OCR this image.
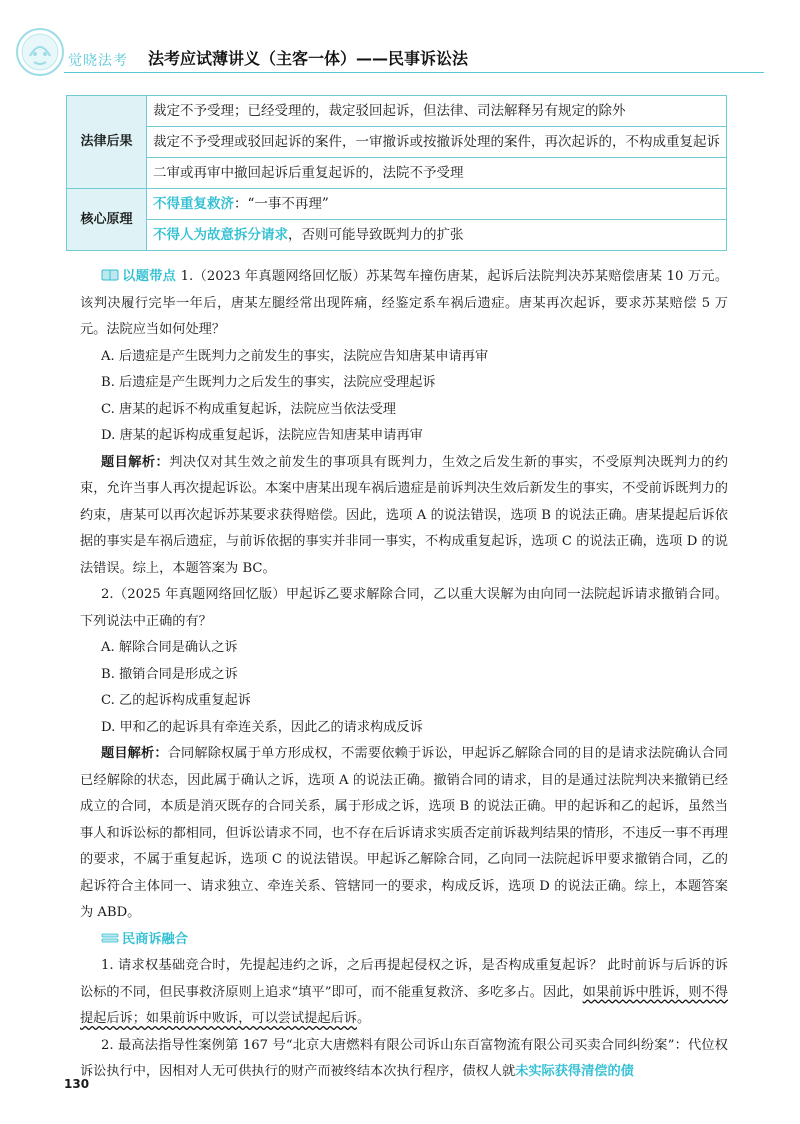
觉晓法考 法考应试薄讲义（主客一体）——民事诉讼法
法律后果	裁定不予受理；已经受理的，裁定驳回起诉，但法律、司法解释另有规定的除外
	裁定不予受理或驳回起诉的案件，一审撤诉或按撤诉处理的案件，再次起诉的，不构成重复起诉
	二审或再审中撤回起诉后重复起诉的，法院不予受理
核心原理	不得重复救济：“一事不再理”
	不得人为故意拆分请求，否则可能导致既判力的扩张

以题带点 1.（2023 年真题网络回忆版）苏某驾车撞伤唐某，起诉后法院判决苏某赔偿唐某 10 万元。该判决履行完毕一年后，唐某左腿经常出现阵痛，经鉴定系车祸后遗症。唐某再次起诉，要求苏某赔偿 5 万元。法院应当如何处理？

A. 后遗症是产生既判力之前发生的事实，法院应告知唐某申请再审

B. 后遗症是产生既判力之后发生的事实，法院应受理起诉

C. 唐某的起诉不构成重复起诉，法院应当依法受理

D. 唐某的起诉构成重复起诉，法院应告知唐某申请再审

题目解析：判决仅对其生效之前发生的事项具有既判力，生效之后发生新的事实，不受原判决既判力的约束，允许当事人再次提起诉讼。本案中唐某出现车祸后遗症是前诉判决生效后新发生的事实，不受前诉既判力的约束，唐某可以再次起诉苏某要求获得赔偿。因此，选项 A 的说法错误，选项 B 的说法正确。唐某提起后诉依据的事实是车祸后遗症，与前诉依据的事实并非同一事实，不构成重复起诉，选项 C 的说法正确，选项 D 的说法错误。综上，本题答案为 BC。

2.（2025 年真题网络回忆版）甲起诉乙要求解除合同，乙以重大误解为由向同一法院起诉请求撤销合同。下列说法中正确的有？

A. 解除合同是确认之诉

B. 撤销合同是形成之诉

C. 乙的起诉构成重复起诉

D. 甲和乙的起诉具有牵连关系，因此乙的请求构成反诉

题目解析：合同解除权属于单方形成权，不需要依赖于诉讼，甲起诉乙解除合同的目的是请求法院确认合同已经解除的状态，因此属于确认之诉，选项 A 的说法正确。撤销合同的请求，目的是通过法院判决来撤销已经成立的合同，本质是消灭既存的合同关系，属于形成之诉，选项 B 的说法正确。甲的起诉和乙的起诉，虽然当事人和诉讼标的都相同，但诉讼请求不同，也不存在后诉请求实质否定前诉裁判结果的情形，不违反一事不再理的要求，不属于重复起诉，选项 C 的说法错误。甲起诉乙解除合同，乙向同一法院起诉甲要求撤销合同，乙的起诉符合主体同一、请求独立、牵连关系、管辖同一的要求，构成反诉，选项 D 的说法正确。综上，本题答案为 ABD。

民商诉融合

1. 请求权基础竞合时，先提起违约之诉，之后再提起侵权之诉，是否构成重复起诉？ 此时前诉与后诉的诉讼标的不同，但民事救济原则上追求“填平”即可，而不能重复救济、多吃多占。因此，如果前诉中胜诉，则不得提起后诉；如果前诉中败诉，可以尝试提起后诉。

2. 最高法指导性案例第 167 号“北京大唐燃料有限公司诉山东百富物流有限公司买卖合同纠纷案”：代位权诉讼执行中，因相对人无可供执行的财产而被终结本次执行程序，债权人就未实际获得清偿的债

130
